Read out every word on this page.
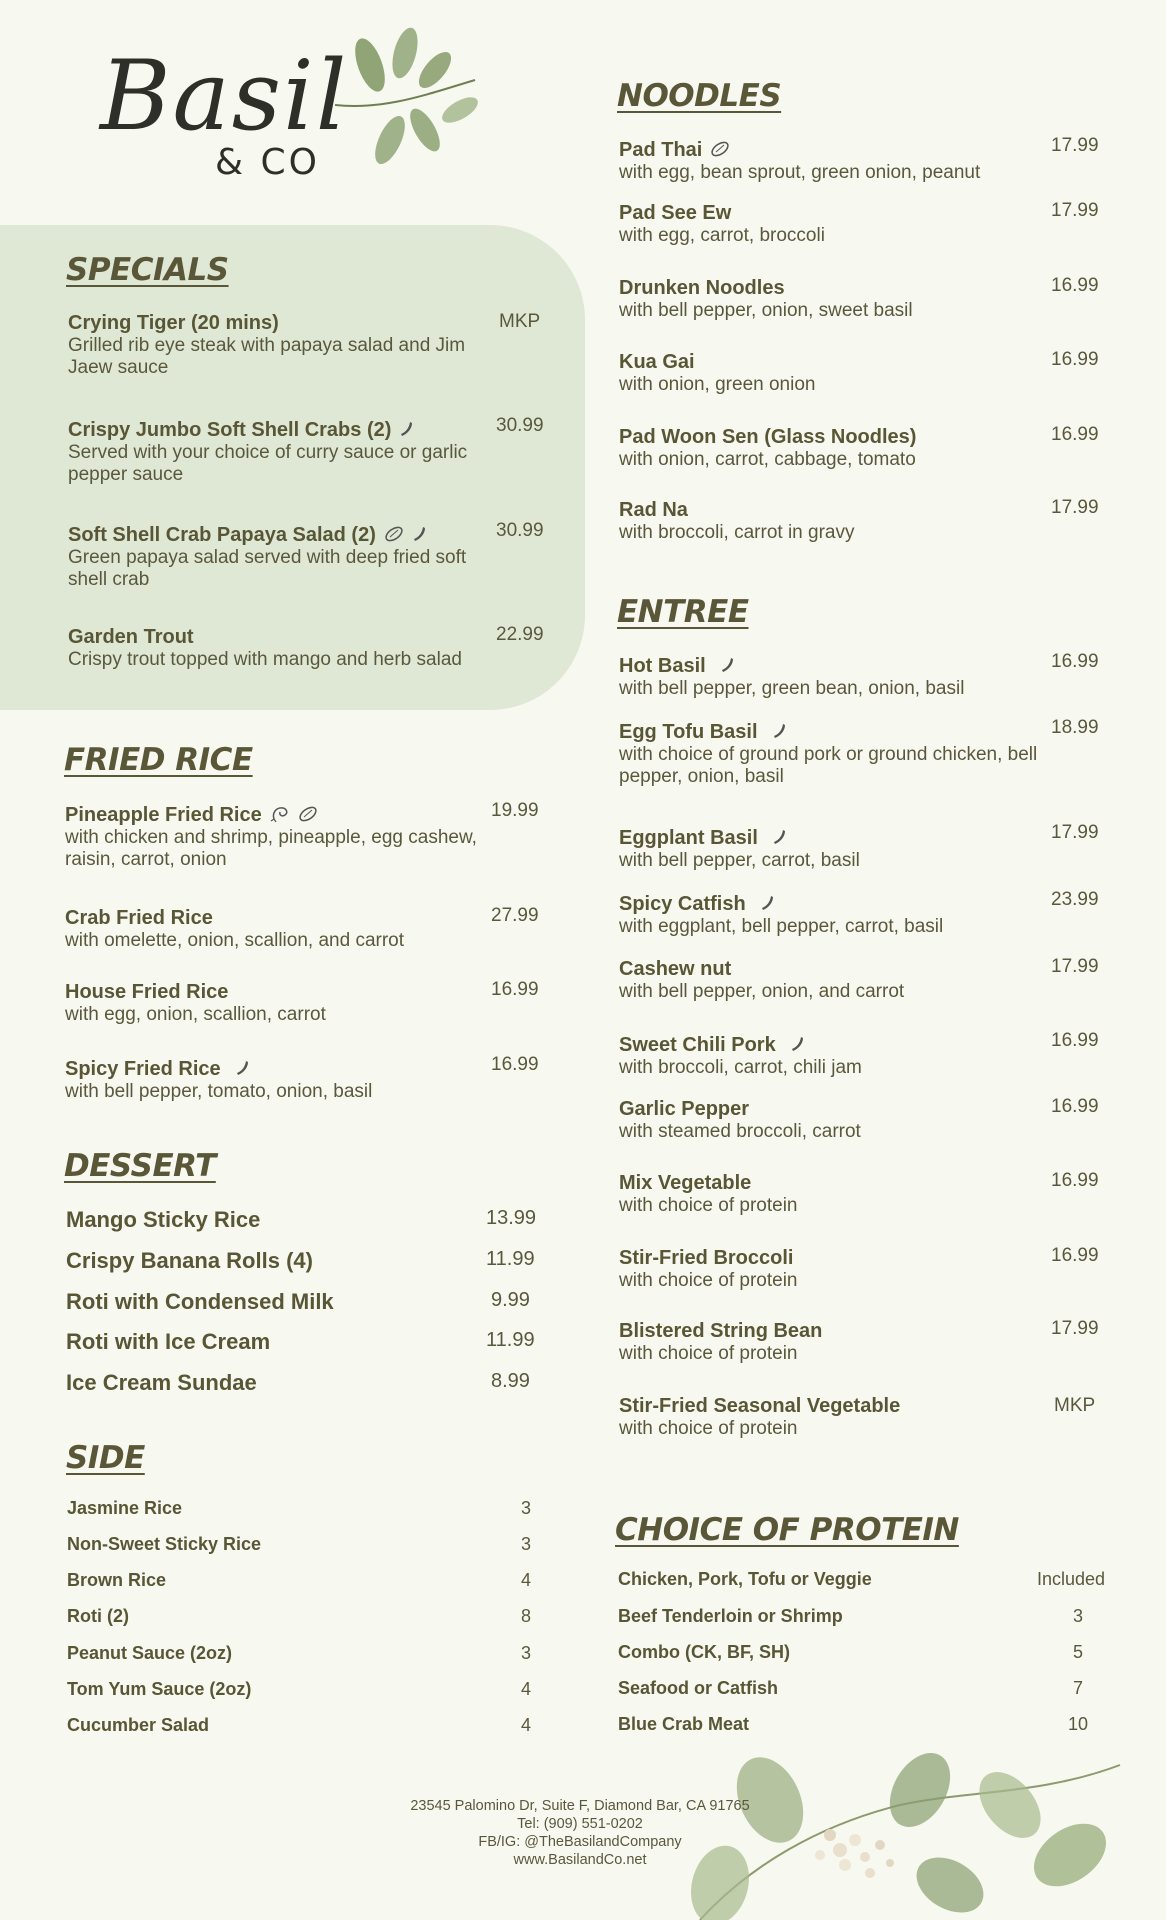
Basil
& CO
SPECIALS
FRIED RICE
DESSERT
SIDE
NOODLES
ENTREE
CHOICE OF PROTEIN
Crying Tiger (20 mins)
Grilled rib eye steak with papaya salad and Jim Jaew sauce
MKP
Crispy Jumbo Soft Shell Crabs (2)
Served with your choice of curry sauce or garlic pepper sauce
30.99
Soft Shell Crab Papaya Salad (2)
Green papaya salad served with deep fried soft shell crab
30.99
Garden Trout
Crispy trout topped with mango and herb salad
22.99
Pineapple Fried Rice
with chicken and shrimp, pineapple, egg cashew, raisin, carrot, onion
19.99
Crab Fried Rice
with omelette, onion, scallion, and carrot
27.99
House Fried Rice
with egg, onion, scallion, carrot
16.99
Spicy Fried Rice
with bell pepper, tomato, onion, basil
16.99
Mango Sticky Rice	13.99
Crispy Banana Rolls (4)	11.99
Roti with Condensed Milk	9.99
Roti with Ice Cream	11.99
Ice Cream Sundae	8.99
Jasmine Rice	3
Non-Sweet Sticky Rice	3
Brown Rice	4
Roti (2)	8
Peanut Sauce (2oz)	3
Tom Yum Sauce (2oz)	4
Cucumber Salad	4
Pad Thai
with egg, bean sprout, green onion, peanut
17.99
Pad See Ew
with egg, carrot, broccoli
17.99
Drunken Noodles
with bell pepper, onion, sweet basil
16.99
Kua Gai
with onion, green onion
16.99
Pad Woon Sen (Glass Noodles)
with onion, carrot, cabbage, tomato
16.99
Rad Na
with broccoli, carrot in gravy
17.99
Hot Basil
with bell pepper, green bean, onion, basil
16.99
Egg Tofu Basil
with choice of ground pork or ground chicken, bell pepper, onion, basil
18.99
Eggplant Basil
with bell pepper, carrot, basil
17.99
Spicy Catfish
with eggplant, bell pepper, carrot, basil
23.99
Cashew nut
with bell pepper, onion, and carrot
17.99
Sweet Chili Pork
with broccoli, carrot, chili jam
16.99
Garlic Pepper
with steamed broccoli, carrot
16.99
Mix Vegetable
with choice of protein
16.99
Stir-Fried Broccoli
with choice of protein
16.99
Blistered String Bean
with choice of protein
17.99
Stir-Fried Seasonal Vegetable
with choice of protein
MKP
Chicken, Pork, Tofu or Veggie	Included
Beef Tenderloin or Shrimp	3
Combo (CK, BF, SH)	5
Seafood or Catfish	7
Blue Crab Meat	10
23545 Palomino Dr, Suite F, Diamond Bar, CA 91765
Tel: (909) 551-0202
FB/IG: @TheBasilandCompany
www.BasilandCo.net
